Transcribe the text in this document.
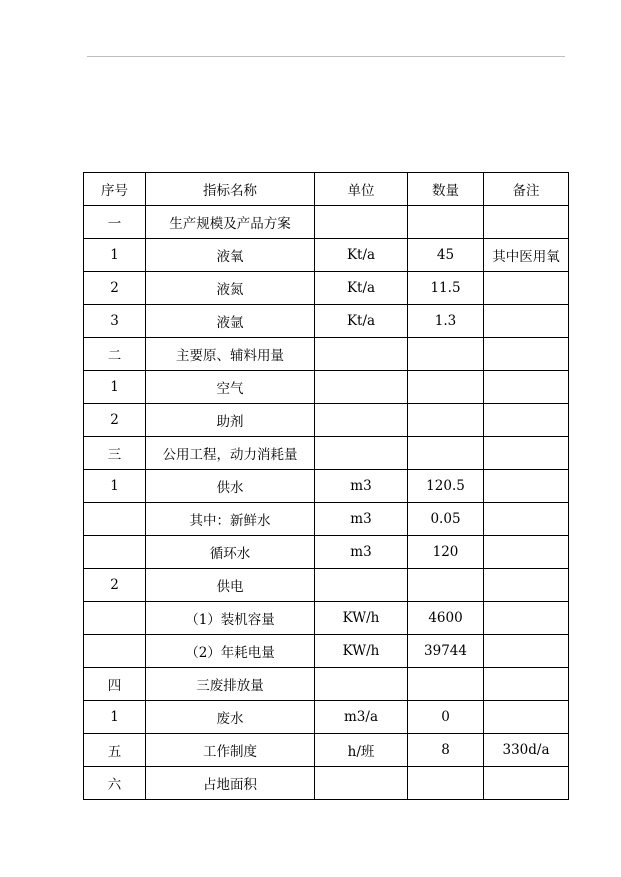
序号	指标名称	单位	数量	备注
一	生产规模及产品方案			
1	液氧	Kt/a	45	其中医用氧
2	液氮	Kt/a	11.5	
3	液氩	Kt/a	1.3	
二	主要原、辅料用量			
1	空气			
2	助剂			
三	公用工程，动力消耗量			
1	供水	m3	120.5	
	其中：新鲜水	m3	0.05	
	循环水	m3	120	
2	供电			
	（1）装机容量	KW/h	4600	
	（2）年耗电量	KW/h	39744	
四	三废排放量			
1	废水	m3/a	0	
五	工作制度	h/班	8	330d/a
六	占地面积			
